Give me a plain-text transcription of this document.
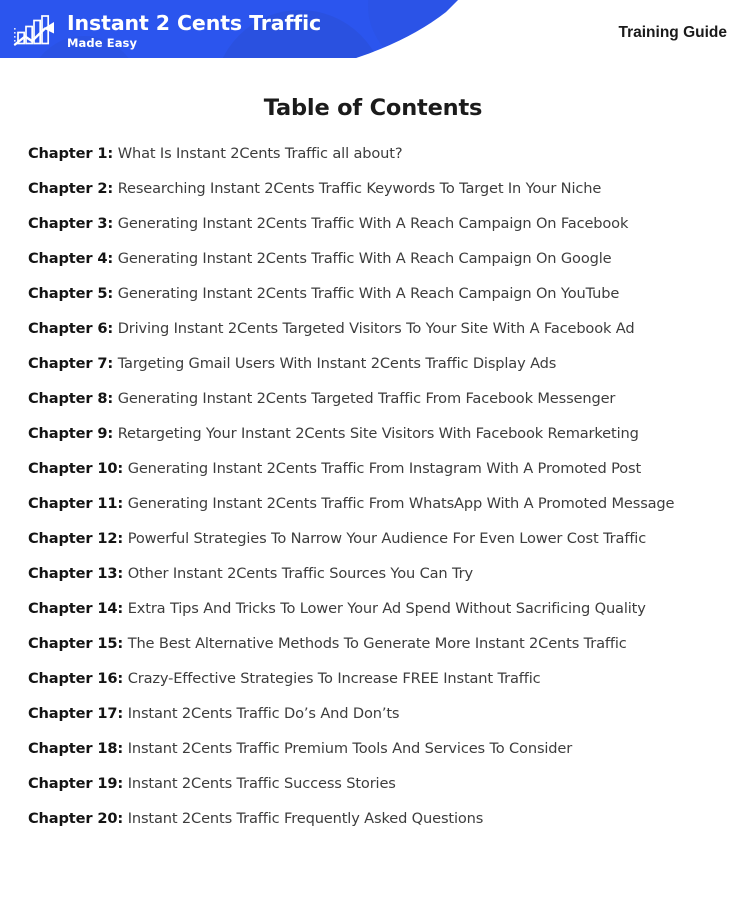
Instant 2 Cents Traffic
Made Easy
Training Guide
Table of Contents
Chapter 1: What Is Instant 2Cents Traffic all about?
Chapter 2: Researching Instant 2Cents Traffic Keywords To Target In Your Niche
Chapter 3: Generating Instant 2Cents Traffic With A Reach Campaign On Facebook
Chapter 4: Generating Instant 2Cents Traffic With A Reach Campaign On Google
Chapter 5: Generating Instant 2Cents Traffic With A Reach Campaign On YouTube
Chapter 6: Driving Instant 2Cents Targeted Visitors To Your Site With A Facebook Ad
Chapter 7: Targeting Gmail Users With Instant 2Cents Traffic Display Ads
Chapter 8: Generating Instant 2Cents Targeted Traffic From Facebook Messenger
Chapter 9: Retargeting Your Instant 2Cents Site Visitors With Facebook Remarketing
Chapter 10: Generating Instant 2Cents Traffic From Instagram With A Promoted Post
Chapter 11: Generating Instant 2Cents Traffic From WhatsApp With A Promoted Message
Chapter 12: Powerful Strategies To Narrow Your Audience For Even Lower Cost Traffic
Chapter 13: Other Instant 2Cents Traffic Sources You Can Try
Chapter 14: Extra Tips And Tricks To Lower Your Ad Spend Without Sacrificing Quality
Chapter 15: The Best Alternative Methods To Generate More Instant 2Cents Traffic
Chapter 16: Crazy-Effective Strategies To Increase FREE Instant Traffic
Chapter 17: Instant 2Cents Traffic Do’s And Don’ts
Chapter 18: Instant 2Cents Traffic Premium Tools And Services To Consider
Chapter 19: Instant 2Cents Traffic Success Stories
Chapter 20: Instant 2Cents Traffic Frequently Asked Questions
